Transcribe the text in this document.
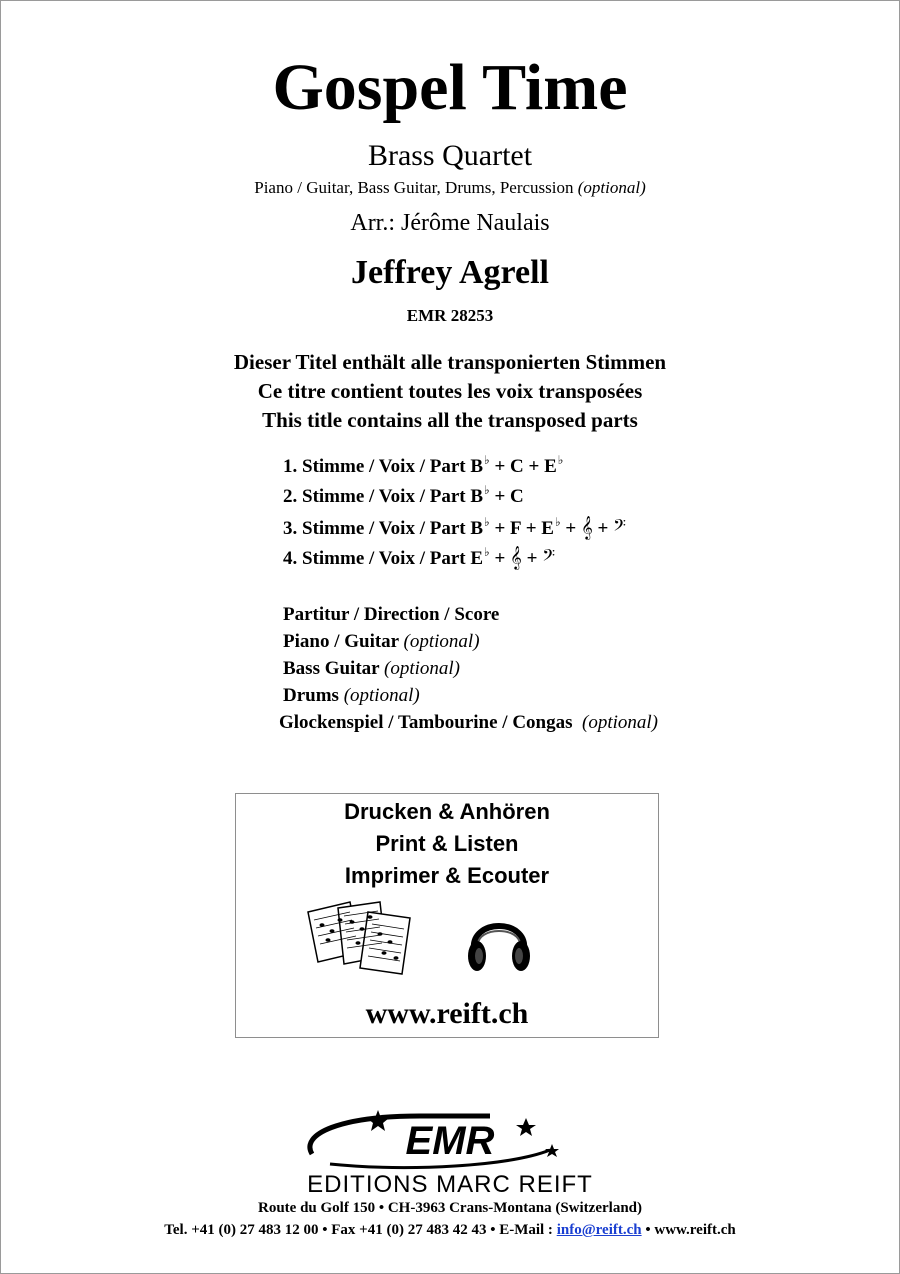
Gospel Time
Brass Quartet
Piano / Guitar, Bass Guitar, Drums, Percussion (optional)
Arr.: Jérôme Naulais
Jeffrey Agrell
EMR 28253
Dieser Titel enthält alle transponierten Stimmen
Ce titre contient toutes les voix transposées
This title contains all the transposed parts
1. Stimme / Voix / Part B♭ + C + E♭
2. Stimme / Voix / Part B♭ + C
3. Stimme / Voix / Part B♭ + F + E♭ + 𝄞 + 𝄢
4. Stimme / Voix / Part E♭ + 𝄞 + 𝄢
Partitur / Direction / Score
Piano / Guitar (optional)
Bass Guitar (optional)
Drums (optional)
Glockenspiel / Tambourine / Congas (optional)
Drucken & Anhören
Print & Listen
Imprimer & Ecouter
www.reift.ch
EMR
EDITIONS MARC REIFT
Route du Golf 150 • CH-3963 Crans-Montana (Switzerland)
Tel. +41 (0) 27 483 12 00 • Fax +41 (0) 27 483 42 43 • E-Mail : info@reift.ch • www.reift.ch
